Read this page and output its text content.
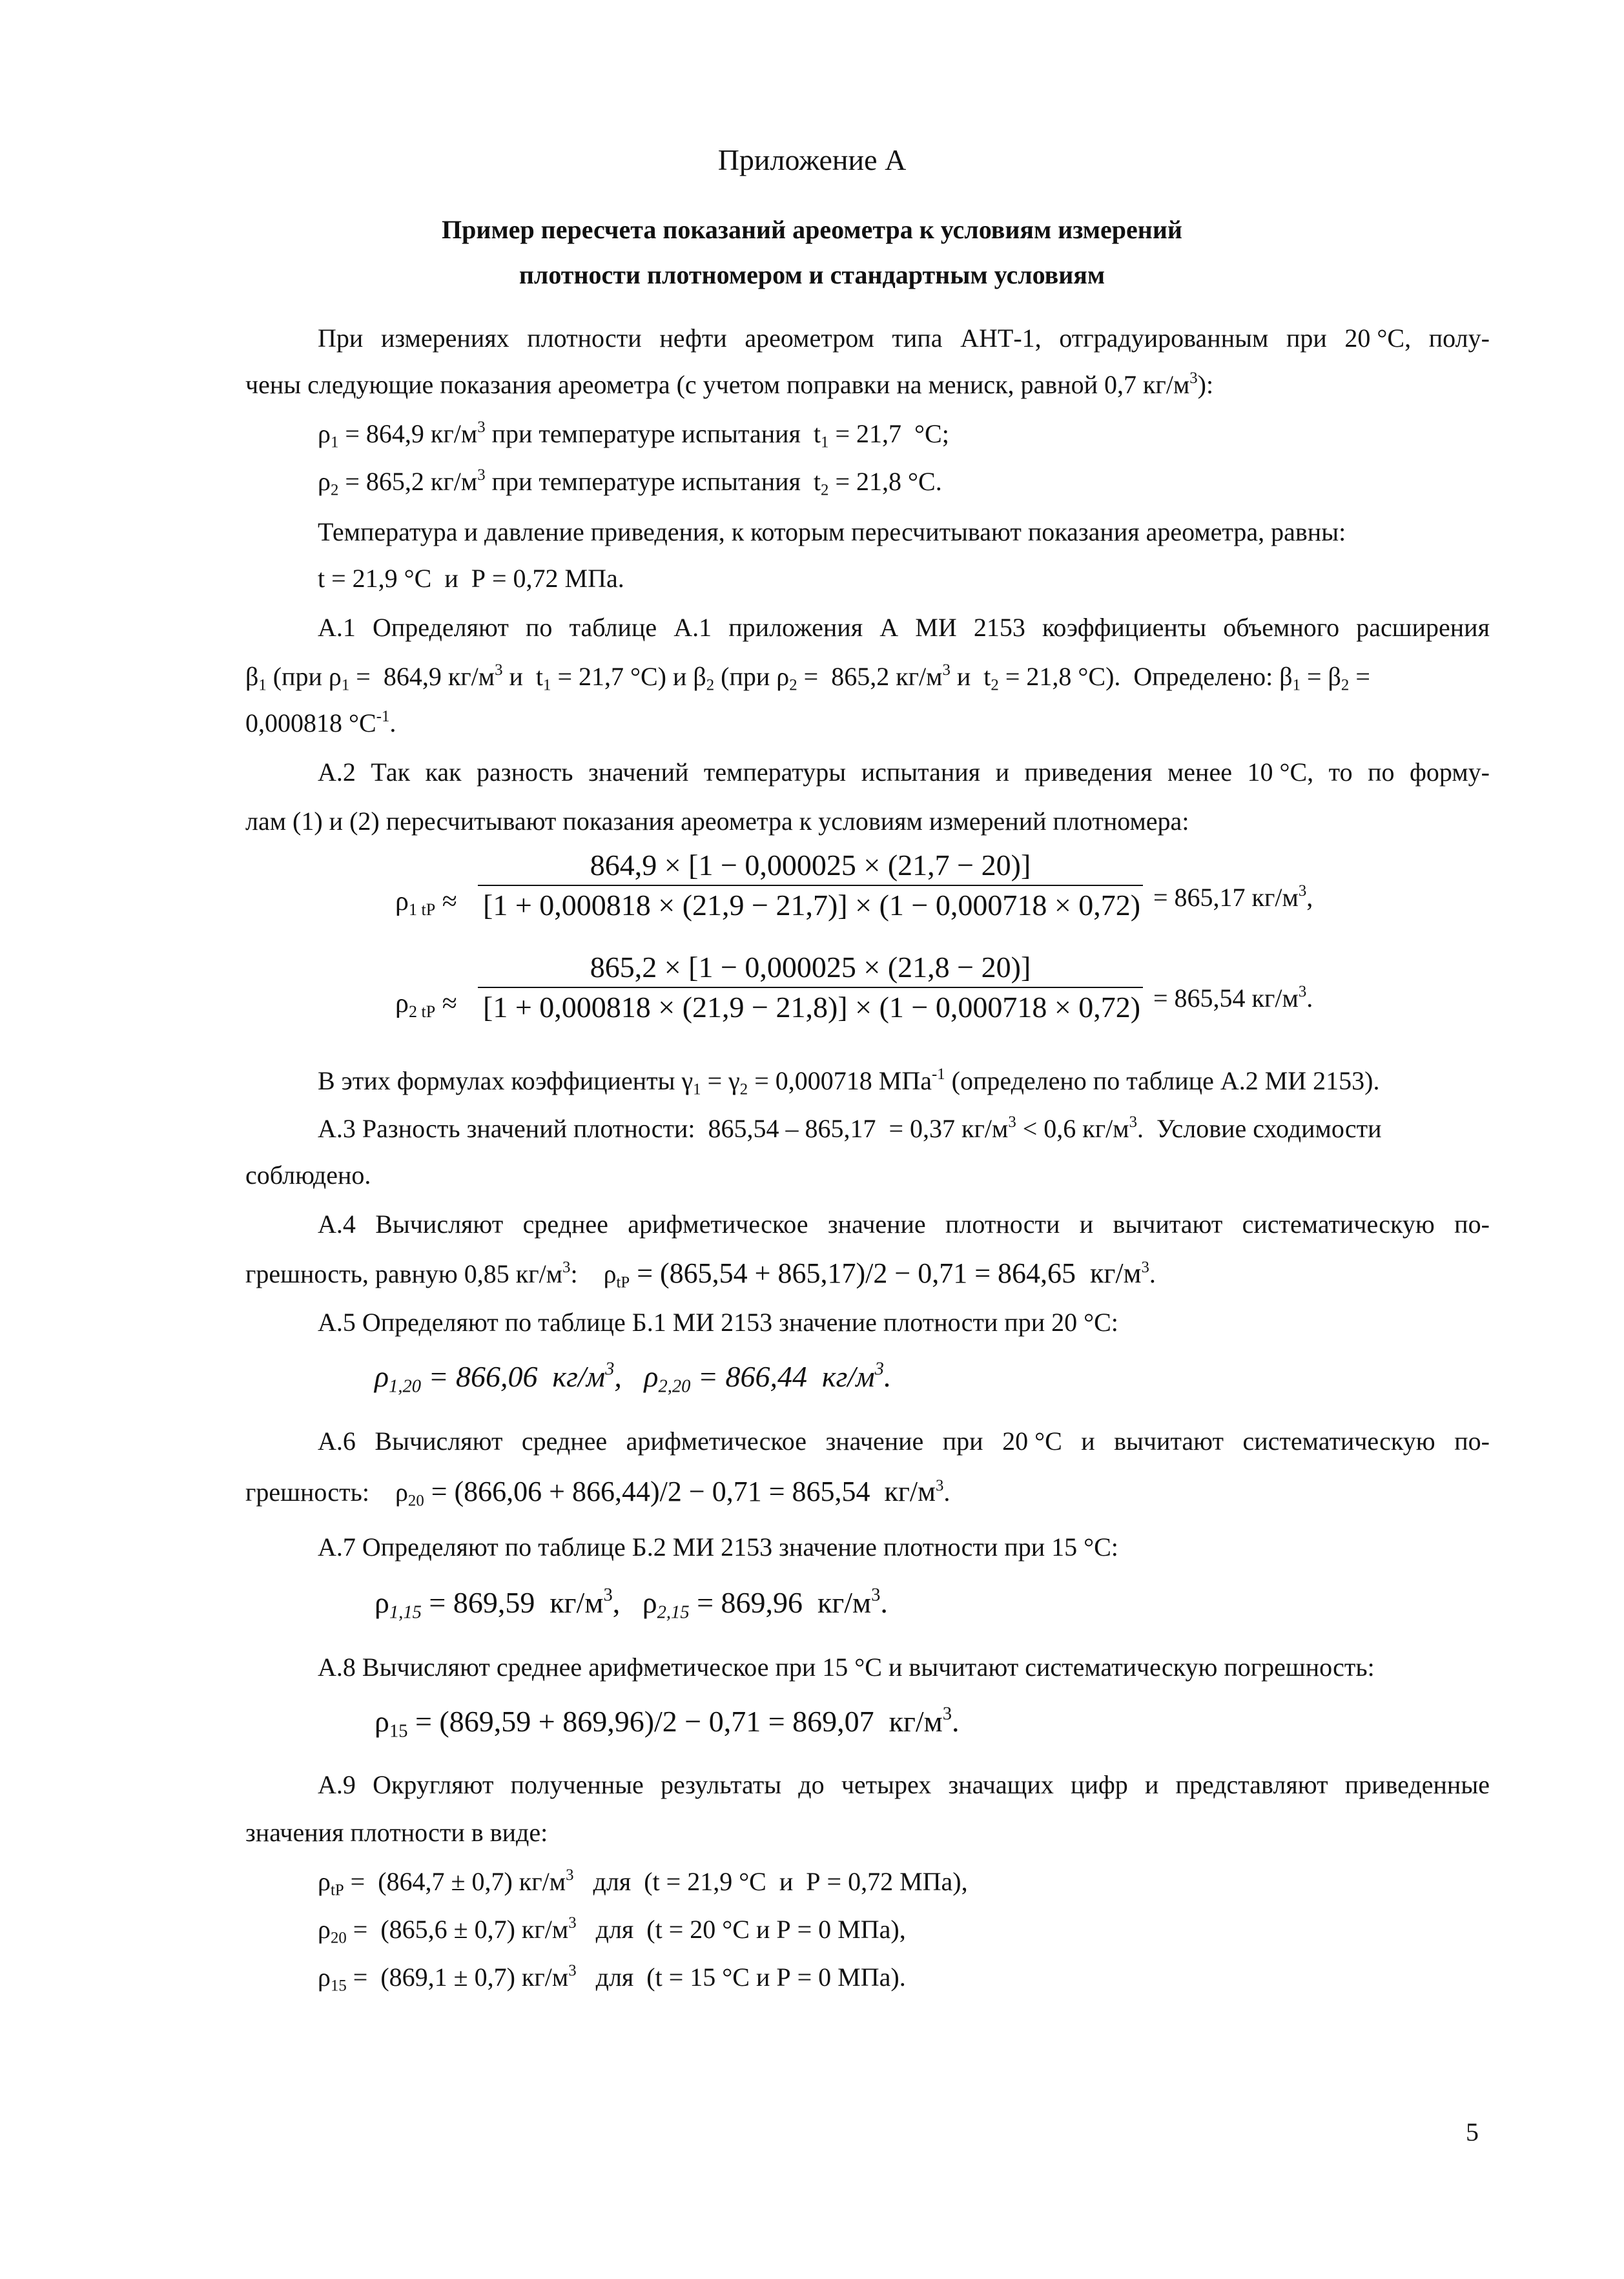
Приложение А
Пример пересчета показаний ареометра к условиям измерений
плотности плотномером и стандартным условиям
При измерениях плотности нефти ареометром типа АНТ-1, отградуированным при 20 °С, полу-
чены следующие показания ареометра (с учетом поправки на мениск, равной 0,7 $кг/м^3$):
$\rho_1 = 864,9$ $кг/м^3$ при температуре испытания  $t_1 = 21,7$  °С;
$\rho_2 = 865,2$ $кг/м^3$ при температуре испытания  $t_2 = 21,8$ °С.
Температура и давление приведения, к которым пересчитывают показания ареометра, равны:
t = 21,9 °С  и  Р = 0,72 МПа.
А.1 Определяют по таблице А.1 приложения А МИ 2153 коэффициенты объемного расширения
$\beta_1$ (при $\rho_1 = 864,9$ $кг/м^3$ и  $t_1 = 21,7$ °С) и $\beta_2$ (при $\rho_2 = 865,2$ $кг/м^3$ и  $t_2 = 21,8$ °С).  Определено: $\beta_1 = \beta_2$ =
0,000818 $^\circ С^{-1}$.
А.2 Так как разность значений температуры испытания и приведения менее 10 °С, то по форму-
лам (1) и (2) пересчитывают показания ареометра к условиям измерений плотномера:
$\rho_{1 tP}$ ≈
864,9 × [1 − 0,000025 × (21,7 − 20)]
[1 + 0,000818 × (21,9 − 21,7)] × (1 − 0,000718 × 0,72) = 865,17 $кг/м^3$,
$\rho_{2 tP}$ ≈
865,2 × [1 − 0,000025 × (21,8 − 20)]
[1 + 0,000818 × (21,9 − 21,8)] × (1 − 0,000718 × 0,72) = 865,54 $кг/м^3$.
В этих формулах коэффициенты $\gamma_1 = \gamma_2 = 0,000718$ МПа$^{-1}$ (определено по таблице А.2 МИ 2153).
А.3 Разность значений плотности:  865,54 – 865,17  = 0,37 $кг/м^3 < 0,6$ $кг/м^3$.  Условие сходимости
соблюдено.
А.4 Вычисляют среднее арифметическое значение плотности и вычитают систематическую по-
грешность, равную 0,85 $кг/м^3$:    $\rho_{tP} = (865,54 + 865,17)/2 - 0,71 = 864,65$  $кг/м^3$.
А.5 Определяют по таблице Б.1 МИ 2153 значение плотности при 20 °С:
$\rho_{1,20} = 866,06$  $кг/м^3$,   $\rho_{2,20} = 866,44$  $кг/м^3$.
А.6 Вычисляют среднее арифметическое значение при 20 °С и вычитают систематическую по-
грешность:    $\rho_{20} = (866,06 + 866,44)/2 - 0,71 = 865,54$  $кг/м^3$.
А.7 Определяют по таблице Б.2 МИ 2153 значение плотности при 15 °С:
$\rho_{1,15} = 869,59$  $кг/м^3$,   $\rho_{2,15} = 869,96$  $кг/м^3$.
А.8 Вычисляют среднее арифметическое при 15 °С и вычитают систематическую погрешность:
$\rho_{15} = (869,59 + 869,96)/2 - 0,71 = 869,07$  $кг/м^3$.
А.9 Округляют полученные результаты до четырех значащих цифр и представляют приведенные
значения плотности в виде:
$\rho_{tP} = (864,7 \pm 0,7)$ $кг/м^3$   для  (t = 21,9 °С  и  Р = 0,72 МПа),
$\rho_{20} = (865,6 \pm 0,7)$ $кг/м^3$   для  (t = 20 °С и Р = 0 МПа),
$\rho_{15} = (869,1 \pm 0,7)$ $кг/м^3$   для  (t = 15 °С и Р = 0 МПа).
5
